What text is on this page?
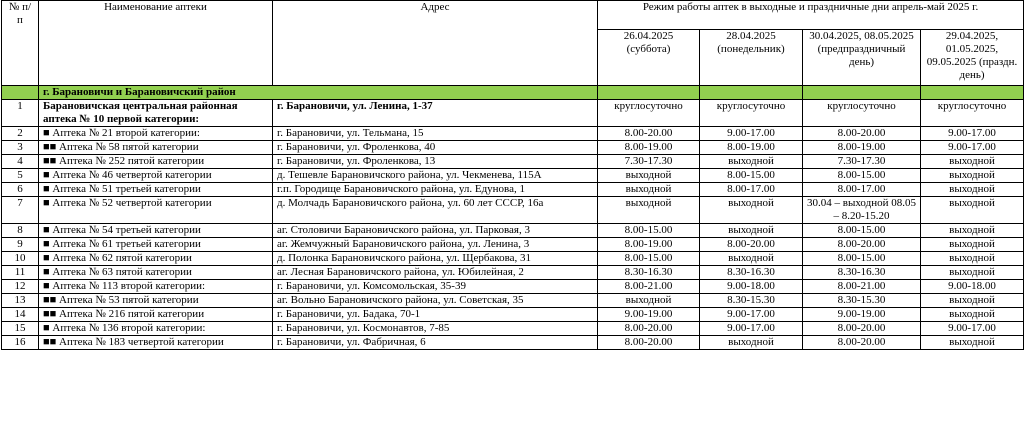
№ п/п	Наименование аптеки	Адрес	Режим работы аптек в выходные и праздничные дни апрель-май 2025 г.			
			26.04.2025 (суббота)	28.04.2025 (понедельник)	30.04.2025, 08.05.2025 (предпраздничный день)	29.04.2025, 01.05.2025, 09.05.2025 (праздн. день)
	г. Барановичи и Барановичский район					
1	Барановичская центральная районная аптека № 10 первой категории:	г. Барановичи, ул. Ленина, 1-37	круглосуточно	круглосуточно	круглосуточно	круглосуточно
2	■ Аптека № 21 второй категории:	г. Барановичи, ул. Тельмана, 15	8.00-20.00	9.00-17.00	8.00-20.00	9.00-17.00
3	■■ Аптека № 58 пятой категории	г. Барановичи, ул. Фроленкова, 40	8.00-19.00	8.00-19.00	8.00-19.00	9.00-17.00
4	■■ Аптека № 252 пятой категории	г. Барановичи, ул. Фроленкова, 13	7.30-17.30	выходной	7.30-17.30	выходной
5	■ Аптека № 46 четвертой категории	д. Тешевле Барановичского района, ул. Чекменева, 115А	выходной	8.00-15.00	8.00-15.00	выходной
6	■ Аптека № 51 третьей категории	г.п. Городище Барановичского района, ул. Едунова, 1	выходной	8.00-17.00	8.00-17.00	выходной
7	■ Аптека № 52 четвертой категории	д. Молчадь Барановичского района, ул. 60 лет СССР, 16а	выходной	выходной	30.04 – выходной 08.05 – 8.20-15.20	выходной
8	■ Аптека № 54 третьей категории	аг. Столовичи Барановичского района, ул. Парковая, 3	8.00-15.00	выходной	8.00-15.00	выходной
9	■ Аптека № 61 третьей категории	аг. Жемчужный Барановичского района, ул. Ленина, 3	8.00-19.00	8.00-20.00	8.00-20.00	выходной
10	■ Аптека № 62 пятой категории	д. Полонка Барановичского района, ул. Щербакова, 31	8.00-15.00	выходной	8.00-15.00	выходной
11	■ Аптека № 63 пятой категории	аг. Лесная Барановичского района, ул. Юбилейная, 2	8.30-16.30	8.30-16.30	8.30-16.30	выходной
12	■ Аптека № 113 второй категории:	г. Барановичи, ул. Комсомольская, 35-39	8.00-21.00	9.00-18.00	8.00-21.00	9.00-18.00
13	■■ Аптека № 53 пятой категории	аг. Вольно Барановичского района, ул. Советская, 35	выходной	8.30-15.30	8.30-15.30	выходной
14	■■ Аптека № 216 пятой категории	г. Барановичи, ул. Бадака, 70-1	9.00-19.00	9.00-17.00	9.00-19.00	выходной
15	■ Аптека № 136 второй категории:	г. Барановичи, ул. Космонавтов, 7-85	8.00-20.00	9.00-17.00	8.00-20.00	9.00-17.00
16	■■ Аптека № 183 четвертой категории	г. Барановичи, ул. Фабричная, 6	8.00-20.00	выходной	8.00-20.00	выходной
